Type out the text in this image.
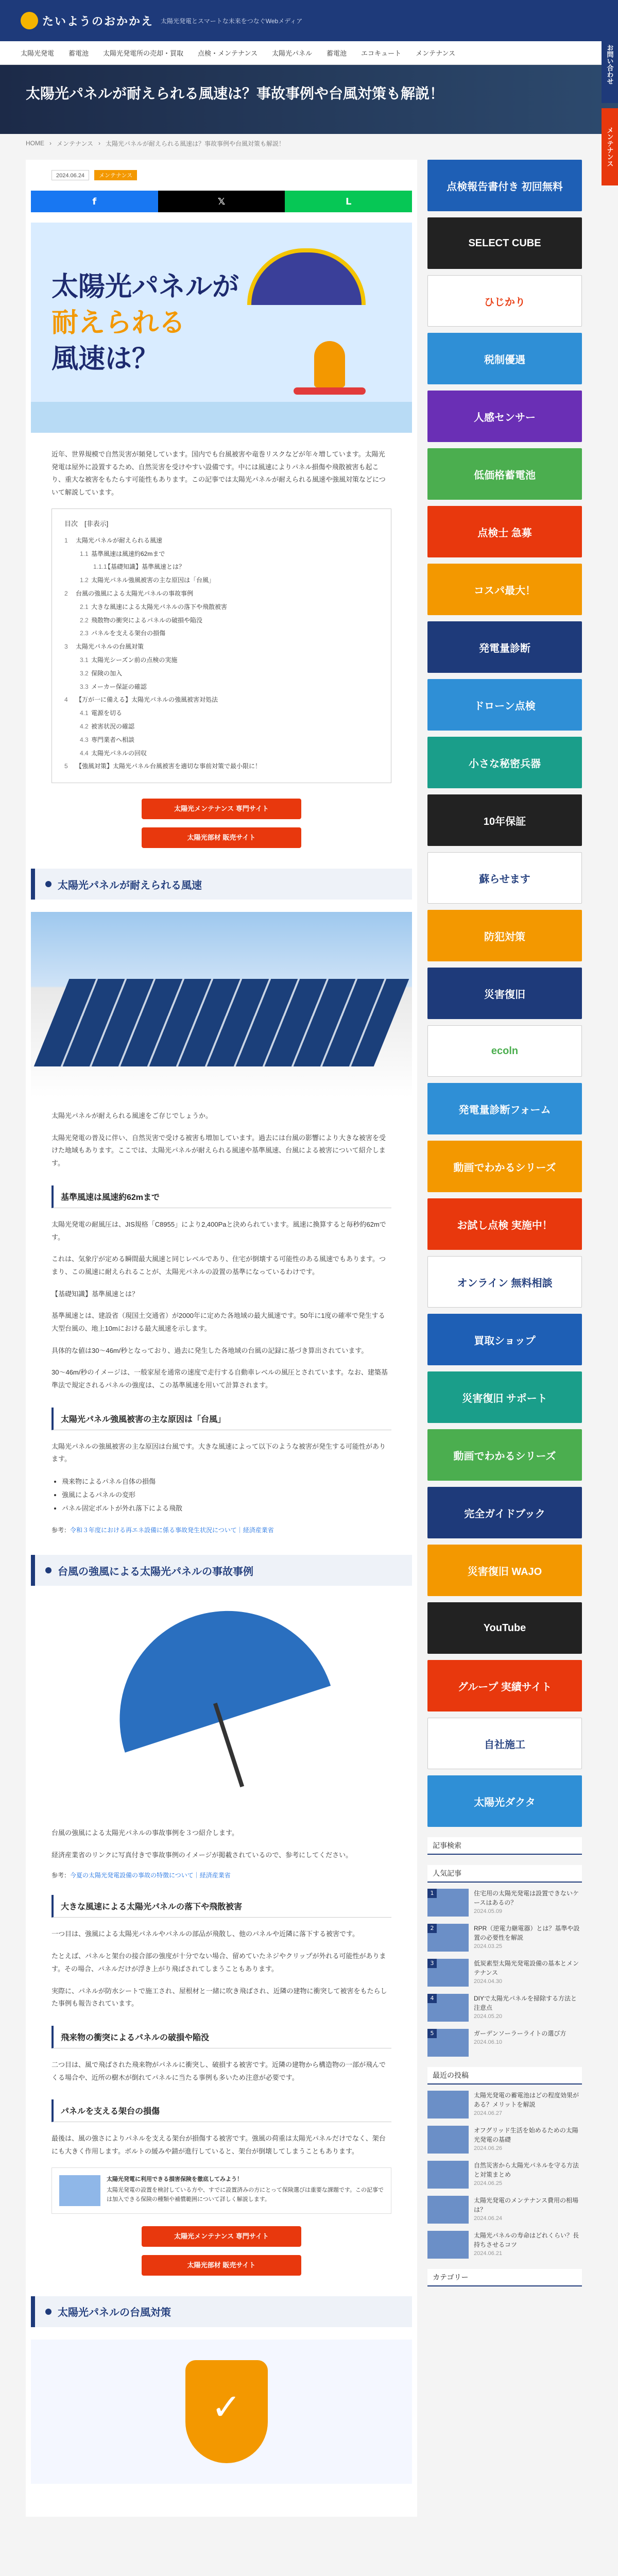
たいようのおかかえ 太陽光発電とスマートな未来をつなぐWebメディア
太陽光発電 蓄電池 太陽光発電所の売却・買取 点検・メンテナンス 太陽光パネル 蓄電池 エコキュート メンテナンス	お問い合わせ
メンテナンス
太陽光パネルが耐えられる風速は？事故事例や台風対策も解説！
HOME › メンテナンス › 太陽光パネルが耐えられる風速は？事故事例や台風対策も解説！
2024.06.24	メンテナンス
f	𝕏	L
太陽光パネルが
耐えられる
風速は？

近年、世界規模で自然災害が頻発しています。国内でも台風被害や竜巻リスクなどが年々増しています。太陽光発電は屋外に設置するため、自然災害を受けやすい設備です。中には風速によりパネル損傷や飛散被害も起こり、重大な被害をもたらす可能性もあります。この記事では太陽光パネルが耐えられる風速や強風対策などについて解説しています。

目次　[非表示]
1 太陽光パネルが耐えられる風速
1.1 基準風速は風速約62mまで
1.1.1【基礎知識】基準風速とは？
1.2 太陽光パネル強風被害の主な原因は「台風」
2 台風の強風による太陽光パネルの事故事例
2.1 大きな風速による太陽光パネルの落下や飛散被害
2.2 飛散物の衝突によるパネルの破損や陥没
2.3 パネルを支える架台の損傷
3 太陽光パネルの台風対策
3.1 太陽光シーズン前の点検の実施
3.2 保険の加入
3.3 メーカー保証の確認
4 【万が一に備える】太陽光パネルの強風被害対処法
4.1 電源を切る
4.2 被害状況の確認
4.3 専門業者へ相談
4.4 太陽光パネルの回収
5 【強風対策】太陽光パネル台風被害を適切な事前対策で最小限に！
太陽光メンテナンス 専門サイト
太陽光部材 販売サイト
太陽光パネルが耐えられる風速

太陽光パネルが耐えられる風速をご存じでしょうか。

太陽光発電の普及に伴い、自然災害で受ける被害も増加しています。過去には台風の影響により大きな被害を受けた地域もあります。ここでは、太陽光パネルが耐えられる風速や基準風速、台風による被害について紹介します。

基準風速は風速約62mまで

太陽光発電の耐風圧は、JIS規格「C8955」により2,400Paと決められています。風速に換算すると毎秒約62mです。

これは、気象庁が定める瞬間最大風速と同じレベルであり、住宅が倒壊する可能性のある風速でもあります。つまり、この風速に耐えられることが、太陽光パネルの設置の基準になっているわけです。

【基礎知識】基準風速とは？

基準風速とは、建設省（現国土交通省）が2000年に定めた各地域の最大風速です。50年に1度の確率で発生する大型台風の、地上10mにおける最大風速を示します。

具体的な値は30〜46m/秒となっており、過去に発生した各地域の台風の記録に基づき算出されています。

30〜46m/秒のイメージは、一般家屋を通常の速度で走行する自動車レベルの風圧とされています。なお、建築基準法で規定されるパネルの強度は、この基準風速を用いて計算されます。

太陽光パネル強風被害の主な原因は「台風」

太陽光パネルの強風被害の主な原因は台風です。大きな風速によって以下のような被害が発生する可能性があります。

• 飛来物によるパネル自体の損傷
• 強風によるパネルの変形
• パネル固定ボルトが外れ落下による飛散

参考：令和３年度における再エネ設備に係る事故発生状況について｜経済産業省

台風の強風による太陽光パネルの事故事例

台風の強風による太陽光パネルの事故事例を３つ紹介します。

経済産業省のリンクに写真付きで事故事例のイメージが掲載されているので、参考にしてください。

参考：今夏の太陽光発電設備の事故の特徴について｜経済産業省

大きな風速による太陽光パネルの落下や飛散被害

一つ目は、強風による太陽光パネルやパネルの部品が飛散し、他のパネルや近隣に落下する被害です。

たとえば、パネルと架台の接合部の強度が十分でない場合、留めていたネジやクリップが外れる可能性があります。その場合、パネルだけが浮き上がり飛ばされてしまうこともあります。

実際に、パネルが防水シートで施工され、屋根材と一緒に吹き飛ばされ、近隣の建物に衝突して被害をもたらした事例も報告されています。

飛来物の衝突によるパネルの破損や陥没

二つ目は、風で飛ばされた飛来物がパネルに衝突し、破損する被害です。近隣の建物から構造物の一部が飛んでくる場合や、近所の樹木が倒れてパネルに当たる事例も多いため注意が必要です。

パネルを支える架台の損傷

最後は、風の強さによりパネルを支える架台が損傷する被害です。強風の荷重は太陽光パネルだけでなく、架台にも大きく作用します。ボルトの緩みや錆が進行していると、架台が倒壊してしまうこともあります。

太陽光発電に利用できる損害保険を徹底してみよう！
太陽光発電の設置を検討している方や、すでに設置済みの方にとって保険選びは重要な課題です。この記事では加入できる保険の種類や補償範囲について詳しく解説します。
太陽光メンテナンス 専門サイト
太陽光部材 販売サイト
太陽光パネルの台風対策
✓
点検報告書付き 初回無料
SELECT CUBE
ひじかり
税制優遇
人感センサー
低価格蓄電池
点検士 急募
コスパ最大！
発電量診断
ドローン点検
小さな秘密兵器
10年保証
蘇らせます
防犯対策
災害復旧
ecoln
発電量診断フォーム
動画でわかるシリーズ
お試し点検 実施中！
オンライン 無料相談
買取ショップ
災害復旧 サポート
動画でわかるシリーズ
完全ガイドブック
災害復旧 WAJO
YouTube
グループ 実績サイト
自社施工
太陽光ダクタ
記事検索
人気記事
住宅用の太陽光発電は設置できないケースはあるの？
2024.05.09
1
RPR（逆電力継電器）とは？基準や設置の必要性を解説
2024.03.25
2
低炭素型太陽光発電設備の基本とメンテナンス
2024.04.30
3
DIYで太陽光パネルを掃除する方法と注意点
2024.05.20
4
ガーデンソーラーライトの選び方
2024.06.10
5
最近の投稿
太陽光発電の蓄電池はどの程度効果がある？メリットを解説
2024.06.27
オフグリッド生活を始めるための太陽光発電の基礎
2024.06.26
自然災害から太陽光パネルを守る方法と対策まとめ
2024.06.25
太陽光発電のメンテナンス費用の相場は？
2024.06.24
太陽光パネルの寿命はどれくらい？長持ちさせるコツ
2024.06.21
カテゴリー
